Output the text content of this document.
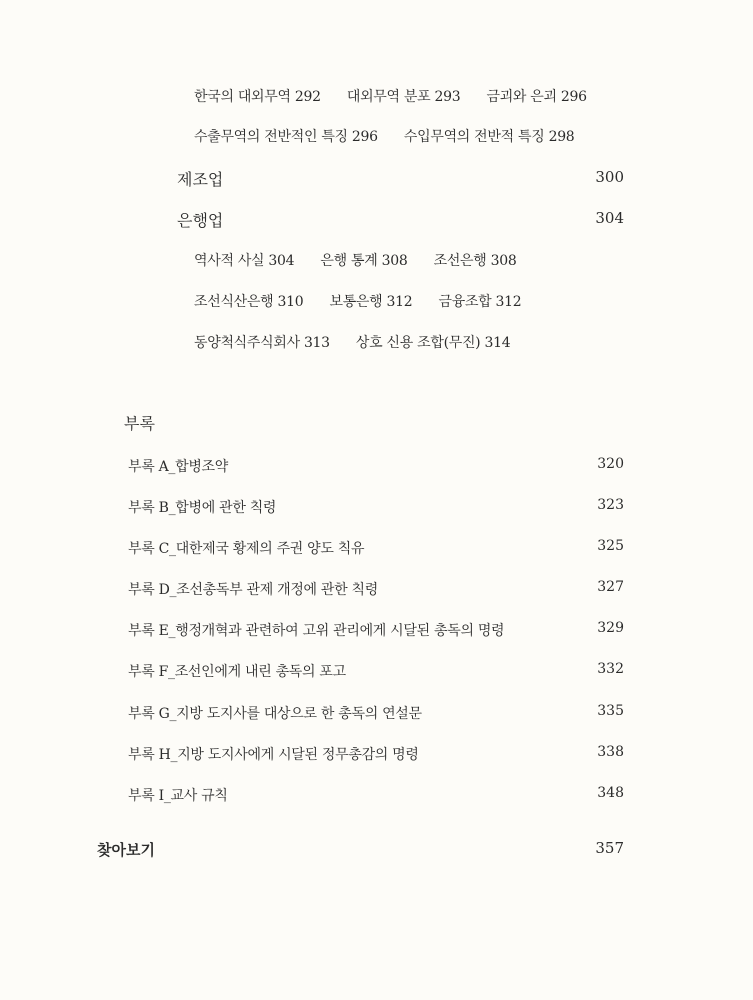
한국의 대외무역 292 대외무역 분포 293 금괴와 은괴 296
수출무역의 전반적인 특징 296 수입무역의 전반적 특징 298
제조업	300
은행업	304
역사적 사실 304 은행 통계 308 조선은행 308
조선식산은행 310 보통은행 312 금융조합 312
동양척식주식회사 313 상호 신용 조합(무진) 314
부록
부록 A_합병조약	320
부록 B_합병에 관한 칙령	323
부록 C_대한제국 황제의 주권 양도 칙유	325
부록 D_조선총독부 관제 개정에 관한 칙령	327
부록 E_행정개혁과 관련하여 고위 관리에게 시달된 총독의 명령	329
부록 F_조선인에게 내린 총독의 포고	332
부록 G_지방 도지사를 대상으로 한 총독의 연설문	335
부록 H_지방 도지사에게 시달된 정무총감의 명령	338
부록 I_교사 규칙	348
찾아보기	357
